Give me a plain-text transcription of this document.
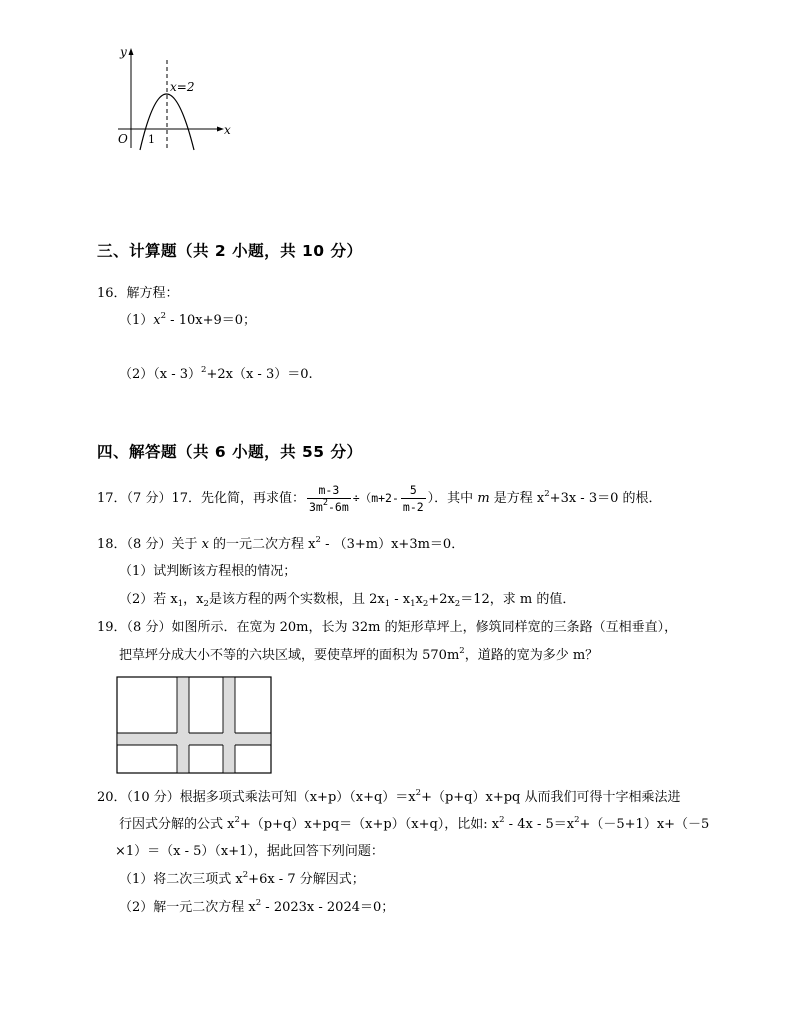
y
x
O 1
x=2
三、计算题（共 2 小题，共 10 分）
16．解方程：
$(1)x^2 - 10x+9=0$；
（2）（x - 3）$^2$+2x（x - 3）＝0.
四、解答题（共 6 小题，共 55 分）
17．（7 分）17．先化简，再求值： $\frac{m-3}{3m^2-6m} \div(m+2- \frac{5}{m-2}$ ）．其中 m 是方程 $x^2+3x - 3=0$ 的根．
18．（8 分）关于 x 的一元二次方程 $x^2 - (3+m)x+3m=0$．
（1）试判断该方程根的情况；
（2）若 $x_1$，$x_2$是该方程的两个实数根，且 $2x_1 - x_1x_2+2x_2=12$，求 m 的值．
19．（8 分）如图所示．在宽为 20m，长为 32m 的矩形草坪上，修筑同样宽的三条路（互相垂直），
把草坪分成大小不等的六块区域，要使草坪的面积为 $570m^2$，道路的宽为多少 m？
20．（10 分）根据多项式乘法可知$(x+p)(x+q)=x^2+(p+q)x+pq$ 从而我们可得十字相乘法进
行因式分解的公式 $x^2+(p+q)x+pq=(x+p)(x+q)$，比如: $x^2 - 4x - 5=x^2+(-5+1)x+(-5$
×1）＝（x - 5）（x+1），据此回答下列问题：
（1）将二次三项式 $x^2+6x - 7$ 分解因式；
（2）解一元二次方程 $x^2 - 2023x - 2024=0$；
